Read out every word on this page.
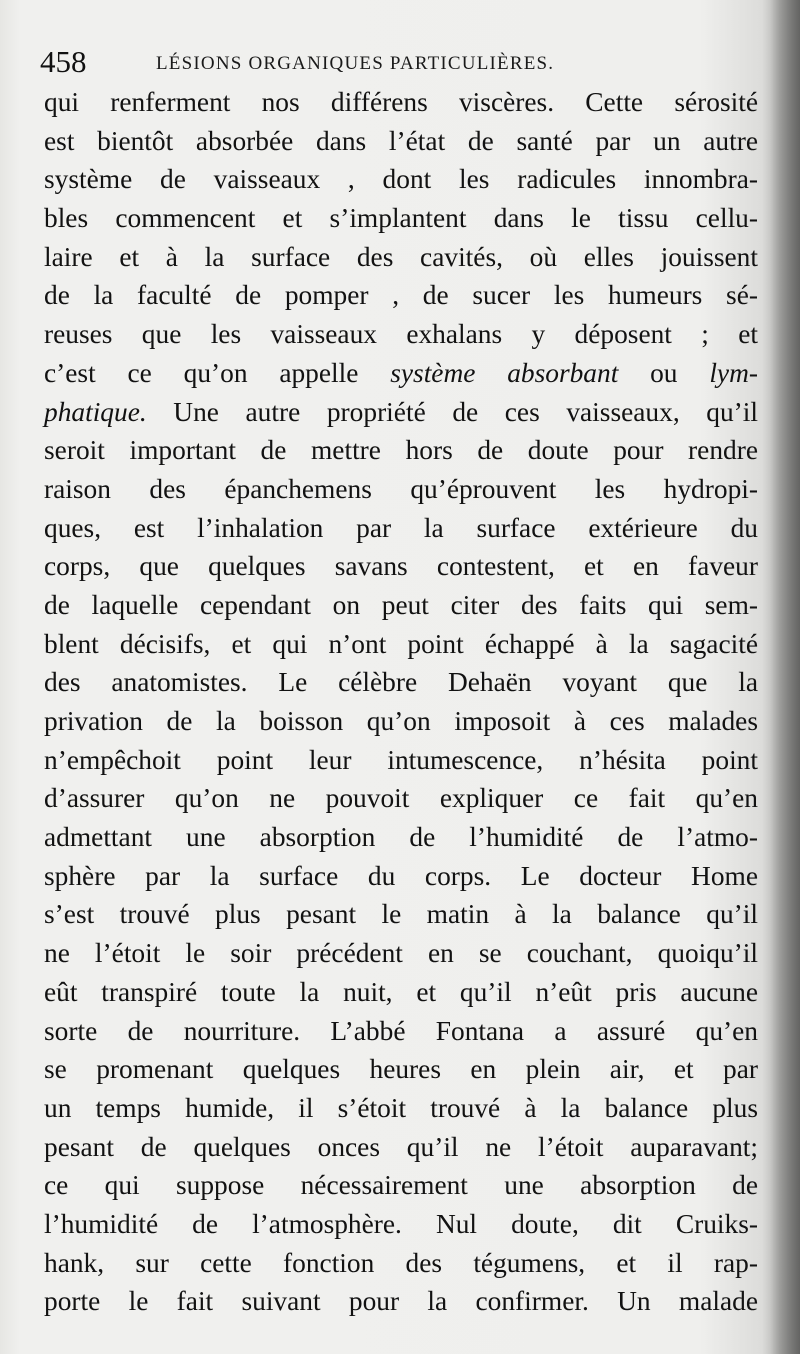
458	LÉSIONS ORGANIQUES PARTICULIÈRES.
qui renferment nos différens viscères. Cette sérosité
est bientôt absorbée dans l’état de santé par un autre
système de vaisseaux , dont les radicules innombra-
bles commencent et s’implantent dans le tissu cellu-
laire et à la surface des cavités, où elles jouissent
de la faculté de pomper , de sucer les humeurs sé-
reuses que les vaisseaux exhalans y déposent ; et
c’est ce qu’on appelle système absorbant ou lym-
phatique. Une autre propriété de ces vaisseaux, qu’il
seroit important de mettre hors de doute pour rendre
raison des épanchemens qu’éprouvent les hydropi-
ques, est l’inhalation par la surface extérieure du
corps, que quelques savans contestent, et en faveur
de laquelle cependant on peut citer des faits qui sem-
blent décisifs, et qui n’ont point échappé à la sagacité
des anatomistes. Le célèbre Dehaën voyant que la
privation de la boisson qu’on imposoit à ces malades
n’empêchoit point leur intumescence, n’hésita point
d’assurer qu’on ne pouvoit expliquer ce fait qu’en
admettant une absorption de l’humidité de l’atmo-
sphère par la surface du corps. Le docteur Home
s’est trouvé plus pesant le matin à la balance qu’il
ne l’étoit le soir précédent en se couchant, quoiqu’il
eût transpiré toute la nuit, et qu’il n’eût pris aucune
sorte de nourriture. L’abbé Fontana a assuré qu’en
se promenant quelques heures en plein air, et par
un temps humide, il s’étoit trouvé à la balance plus
pesant de quelques onces qu’il ne l’étoit auparavant;
ce qui suppose nécessairement une absorption de
l’humidité de l’atmosphère. Nul doute, dit Cruiks-
hank, sur cette fonction des tégumens, et il rap-
porte le fait suivant pour la confirmer. Un malade
